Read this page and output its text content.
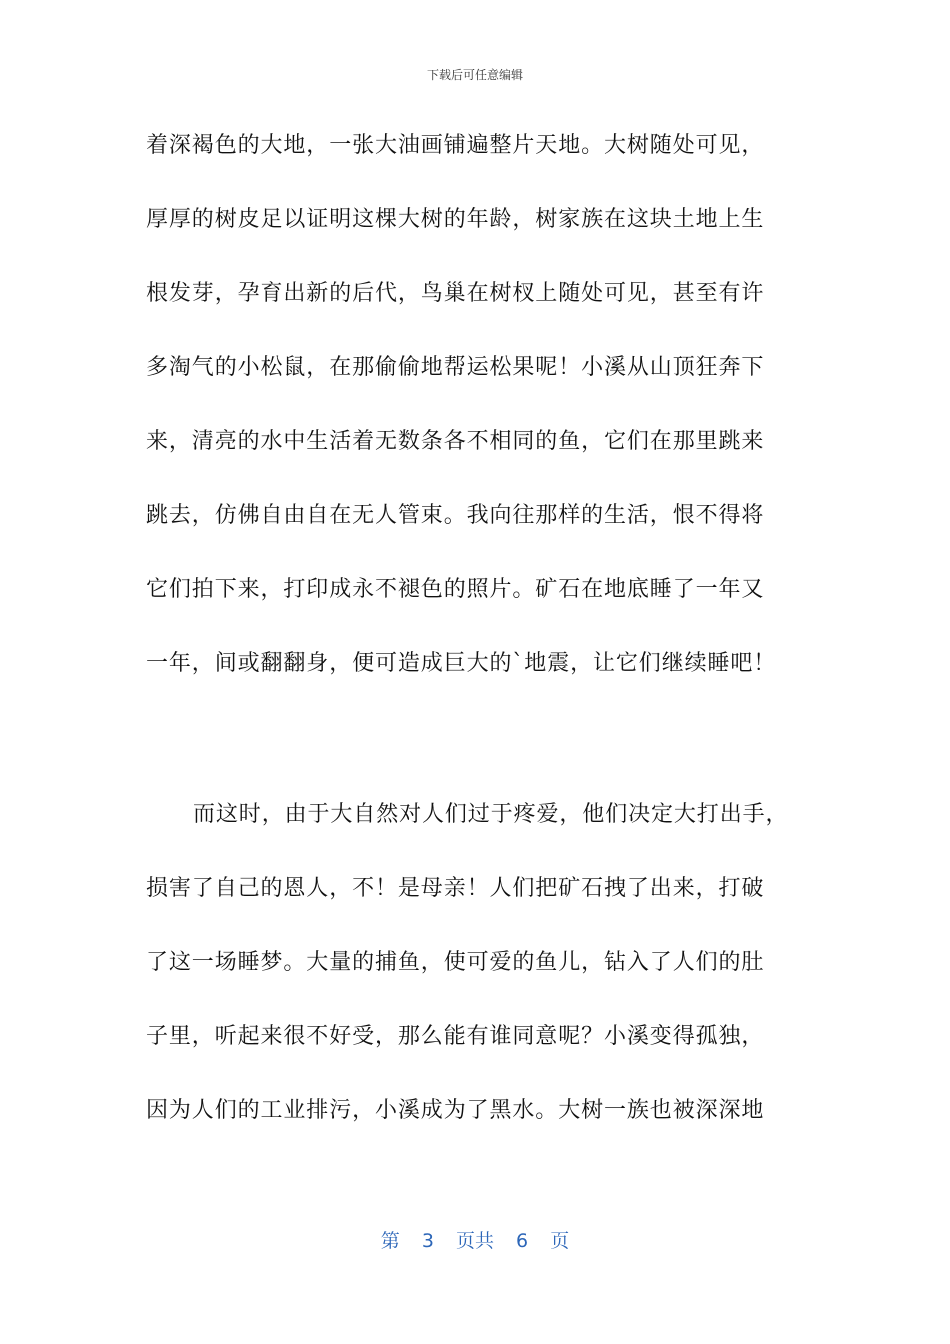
下载后可任意编辑
着深褐色的大地，一张大油画铺遍整片天地。大树随处可见，
厚厚的树皮足以证明这棵大树的年龄，树家族在这块土地上生
根发芽，孕育出新的后代，鸟巢在树杈上随处可见，甚至有许
多淘气的小松鼠，在那偷偷地帮运松果呢！小溪从山顶狂奔下
来，清亮的水中生活着无数条各不相同的鱼，它们在那里跳来
跳去，仿佛自由自在无人管束。我向往那样的生活，恨不得将
它们拍下来，打印成永不褪色的照片。矿石在地底睡了一年又
一年，间或翻翻身，便可造成巨大的`地震，让它们继续睡吧！
而这时，由于大自然对人们过于疼爱，他们决定大打出手，
损害了自己的恩人，不！是母亲！人们把矿石拽了出来，打破
了这一场睡梦。大量的捕鱼，使可爱的鱼儿，钻入了人们的肚
子里，听起来很不好受，那么能有谁同意呢？小溪变得孤独，
因为人们的工业排污，小溪成为了黑水。大树一族也被深深地
第 3 页共 6 页
